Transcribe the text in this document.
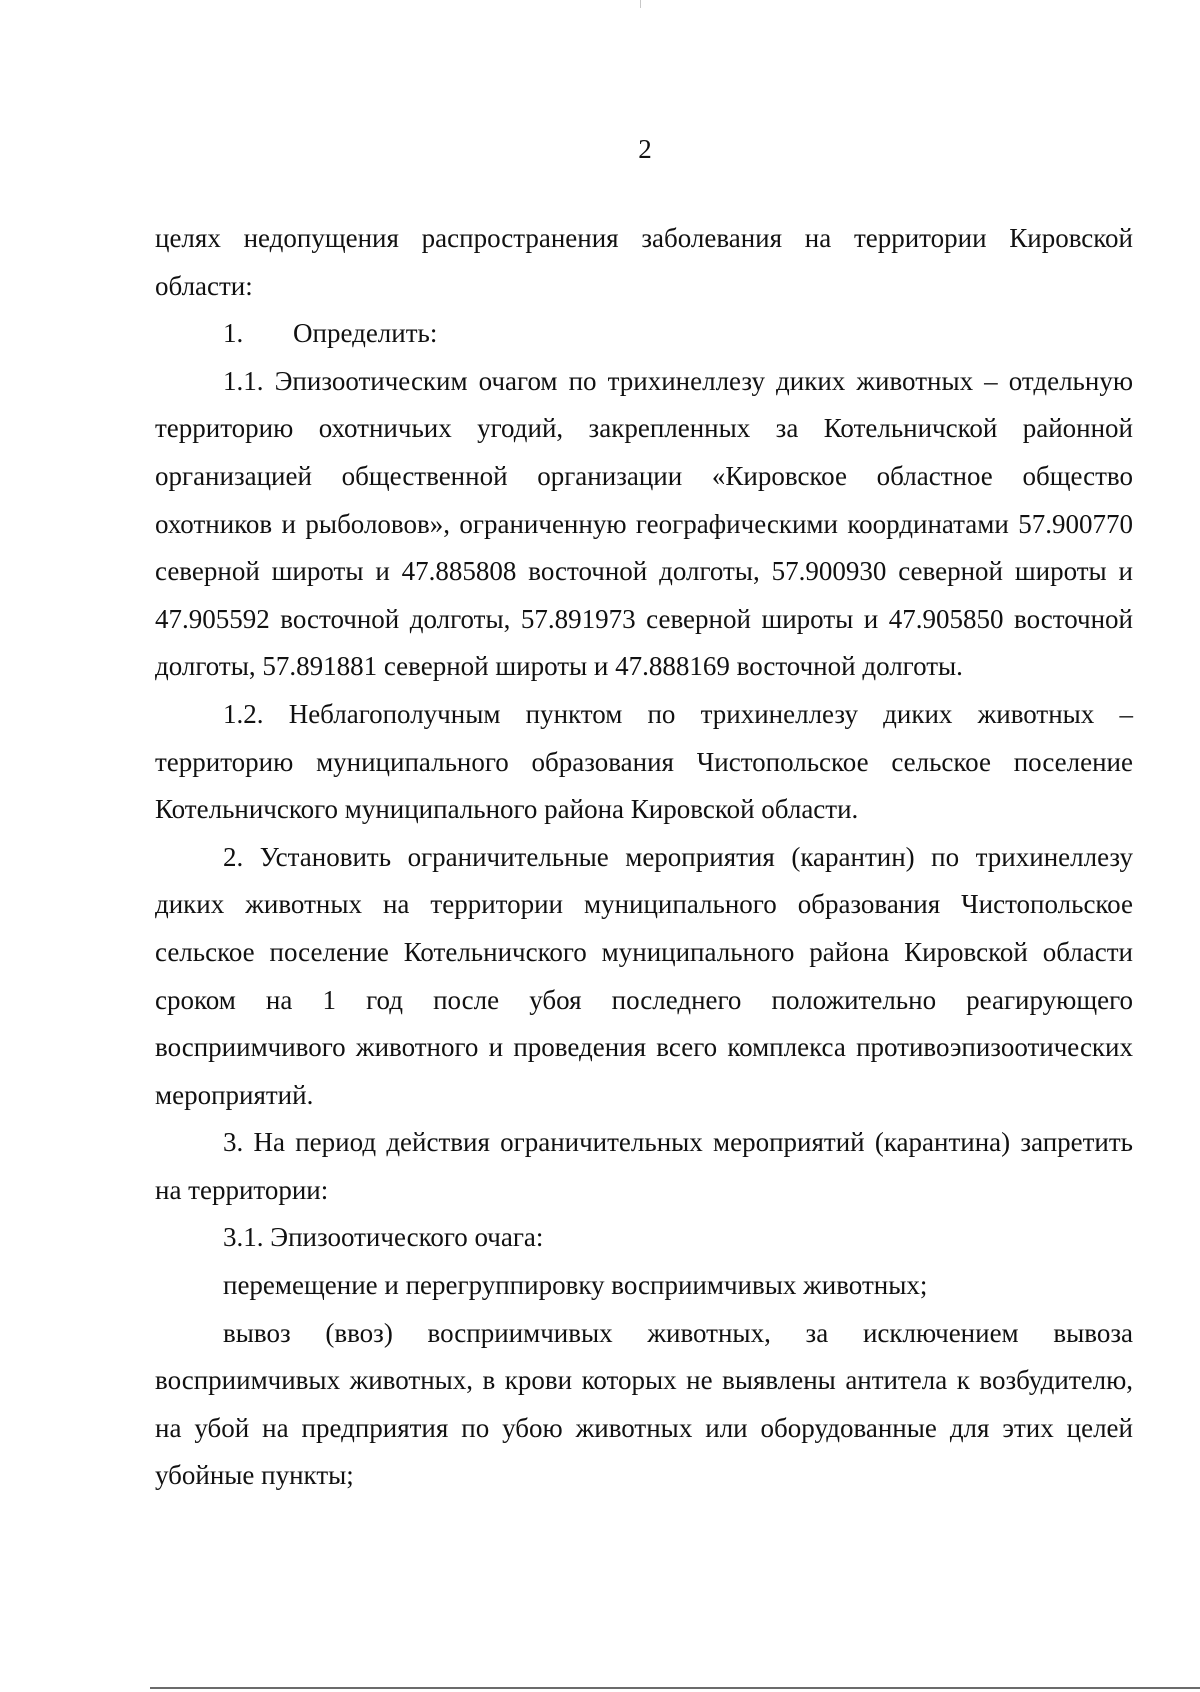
2

целях недопущения распространения заболевания на территории Кировской области:

1. Определить:

1.1. Эпизоотическим очагом по трихинеллезу диких животных – отдельную территорию охотничьих угодий, закрепленных за Котельничской районной организацией общественной организации «Кировское областное общество охотников и рыболовов», ограниченную географическими координатами 57.900770 северной широты и 47.885808 восточной долготы, 57.900930 северной широты и 47.905592 восточной долготы, 57.891973 северной широты и 47.905850 восточной долготы, 57.891881 северной широты и 47.888169 восточной долготы.

1.2. Неблагополучным пунктом по трихинеллезу диких животных – территорию муниципального образования Чистопольское сельское поселение Котельничского муниципального района Кировской области.

2. Установить ограничительные мероприятия (карантин) по трихинеллезу диких животных на территории муниципального образования Чистопольское сельское поселение Котельничского муниципального района Кировской области сроком на 1 год после убоя последнего положительно реагирующего восприимчивого животного и проведения всего комплекса противоэпизоотических мероприятий.

3. На период действия ограничительных мероприятий (карантина) запретить на территории:

3.1. Эпизоотического очага:

перемещение и перегруппировку восприимчивых животных;

вывоз (ввоз) восприимчивых животных, за исключением вывоза восприимчивых животных, в крови которых не выявлены антитела к возбудителю, на убой на предприятия по убою животных или оборудованные для этих целей убойные пункты;
